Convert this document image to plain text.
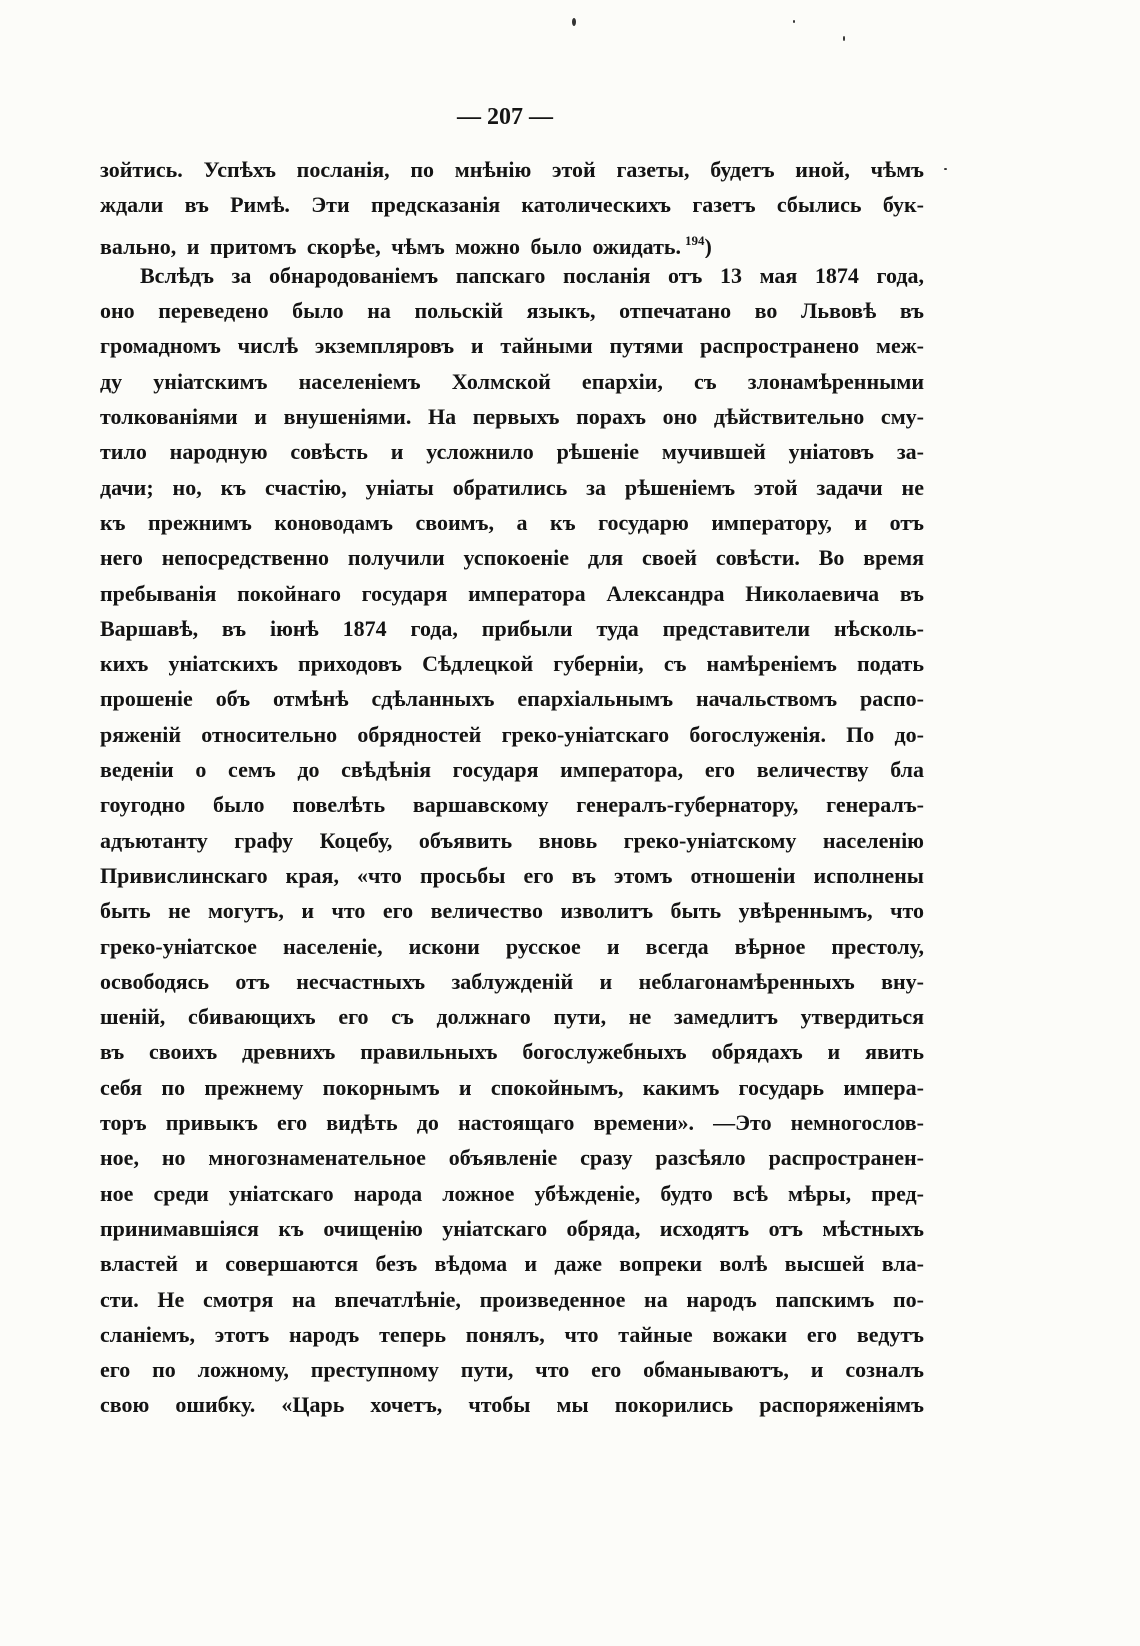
— 207 —
зойтись. Успѣхъ посланія, по мнѣнію этой газеты, будетъ иной, чѣмъ
ждали въ Римѣ. Эти предсказанія католическихъ газетъ сбылись бук-
вально, и притомъ скорѣе, чѣмъ можно было ожидать. $^{194}$)
Вслѣдъ за обнародованіемъ папскаго посланія отъ 13 мая 1874 года,
оно переведено было на польскій языкъ, отпечатано во Львовѣ въ
громадномъ числѣ экземпляровъ и тайными путями распространено меж-
ду уніатскимъ населеніемъ Холмской епархіи, съ злонамѣренными
толкованіями и внушеніями. На первыхъ порахъ оно дѣйствительно сму-
тило народную совѣсть и усложнило рѣшеніе мучившей уніатовъ за-
дачи; но, къ счастію, уніаты обратились за рѣшеніемъ этой задачи не
къ прежнимъ коноводамъ своимъ, а къ государю императору, и отъ
него непосредственно получили успокоеніе для своей совѣсти. Во время
пребыванія покойнаго государя императора Александра Николаевича въ
Варшавѣ, въ іюнѣ 1874 года, прибыли туда представители нѣсколь-
кихъ уніатскихъ приходовъ Сѣдлецкой губерніи, съ намѣреніемъ подать
прошеніе объ отмѣнѣ сдѣланныхъ епархіальнымъ начальствомъ распо-
ряженій относительно обрядностей греко-уніатскаго богослуженія. По до-
веденіи о семъ до свѣдѣнія государя императора, его величеству бла
гоугодно было повелѣть варшавскому генералъ-губернатору, генералъ-
адъютанту графу Коцебу, объявить вновь греко-уніатскому населенію
Привислинскаго края, «что просьбы его въ этомъ отношеніи исполнены
быть не могутъ, и что его величество изволитъ быть увѣреннымъ, что
греко-уніатское населеніе, искони русское и всегда вѣрное престолу,
освободясь отъ несчастныхъ заблужденій и неблагонамѣренныхъ вну-
шеній, сбивающихъ его съ должнаго пути, не замедлитъ утвердиться
въ своихъ древнихъ правильныхъ богослужебныхъ обрядахъ и явить
себя по прежнему покорнымъ и спокойнымъ, какимъ государь импера-
торъ привыкъ его видѣть до настоящаго времени». —Это немногослов-
ное, но многознаменательное объявленіе сразу разсѣяло распространен-
ное среди уніатскаго народа ложное убѣжденіе, будто всѣ мѣры, пред-
принимавшіяся къ очищенію уніатскаго обряда, исходятъ отъ мѣстныхъ
властей и совершаются безъ вѣдома и даже вопреки волѣ высшей вла-
сти. Не смотря на впечатлѣніе, произведенное на народъ папскимъ по-
сланіемъ, этотъ народъ теперь понялъ, что тайные вожаки его ведутъ
его по ложному, преступному пути, что его обманываютъ, и созналъ
свою ошибку. «Царь хочетъ, чтобы мы покорились распоряженіямъ
